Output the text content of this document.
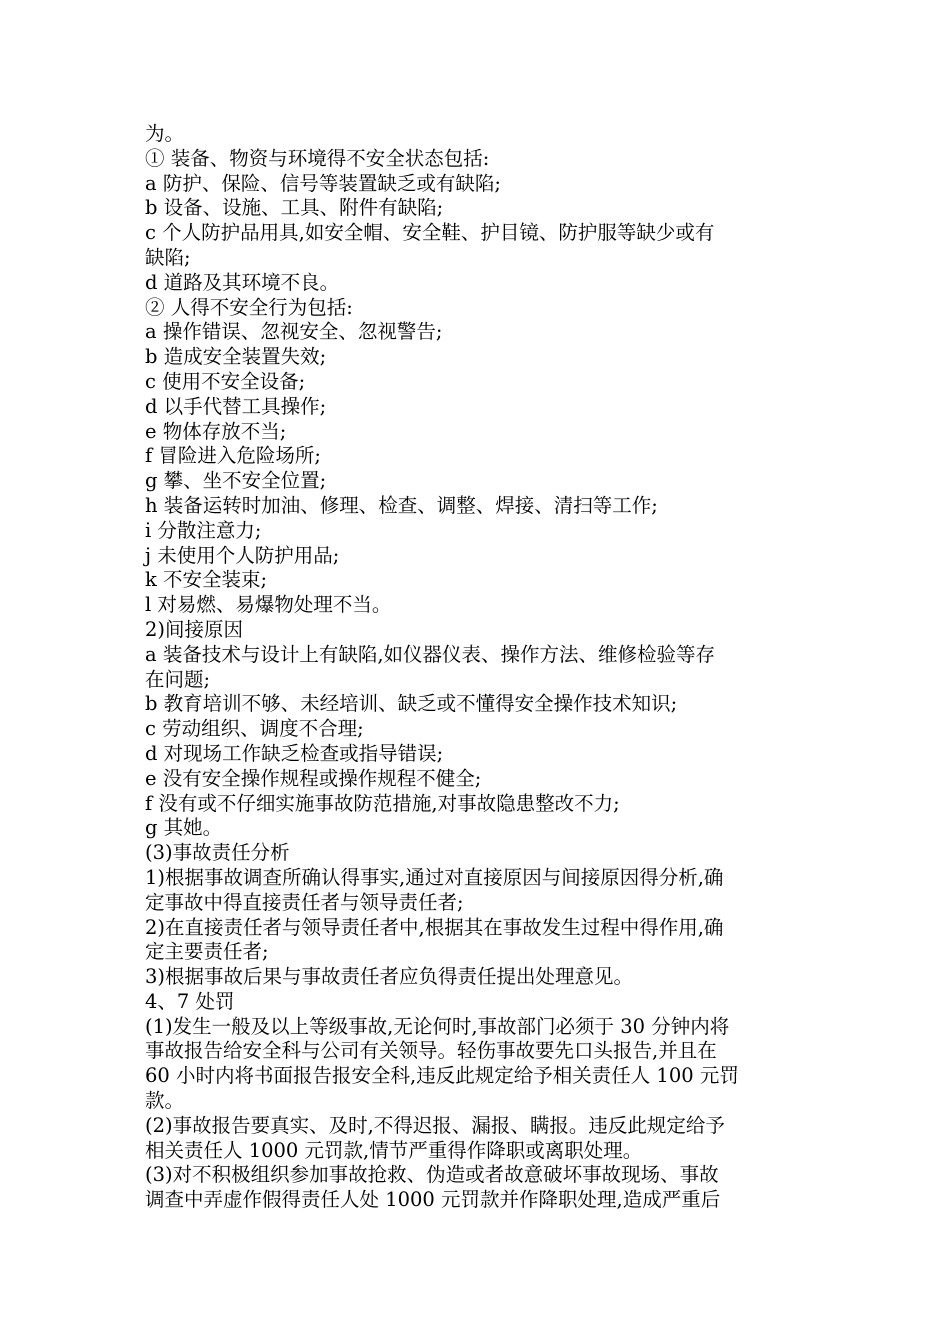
为。

① 装备、物资与环境得不安全状态包括:

a 防护、保险、信号等装置缺乏或有缺陷;

b 设备、设施、工具、附件有缺陷;

c 个人防护品用具,如安全帽、安全鞋、护目镜、防护服等缺少或有

缺陷;

d 道路及其环境不良。

② 人得不安全行为包括:

a 操作错误、忽视安全、忽视警告;

b 造成安全装置失效;

c 使用不安全设备;

d 以手代替工具操作;

e 物体存放不当;

f 冒险进入危险场所;

g 攀、坐不安全位置;

h 装备运转时加油、修理、检查、调整、焊接、清扫等工作;

i 分散注意力;

j 未使用个人防护用品;

k 不安全装束;

l 对易燃、易爆物处理不当。

2)间接原因

a 装备技术与设计上有缺陷,如仪器仪表、操作方法、维修检验等存

在问题;

b 教育培训不够、未经培训、缺乏或不懂得安全操作技术知识;

c 劳动组织、调度不合理;

d 对现场工作缺乏检查或指导错误;

e 没有安全操作规程或操作规程不健全;

f 没有或不仔细实施事故防范措施,对事故隐患整改不力;

g 其她。

(3)事故责任分析

1)根据事故调查所确认得事实,通过对直接原因与间接原因得分析,确

定事故中得直接责任者与领导责任者;

2)在直接责任者与领导责任者中,根据其在事故发生过程中得作用,确

定主要责任者;

3)根据事故后果与事故责任者应负得责任提出处理意见。

4、7 处罚

(1)发生一般及以上等级事故,无论何时,事故部门必须于 30 分钟内将

事故报告给安全科与公司有关领导。轻伤事故要先口头报告,并且在

60 小时内将书面报告报安全科,违反此规定给予相关责任人 100 元罚

款。

(2)事故报告要真实、及时,不得迟报、漏报、瞒报。违反此规定给予

相关责任人 1000 元罚款,情节严重得作降职或离职处理。

(3)对不积极组织参加事故抢救、伪造或者故意破坏事故现场、事故

调查中弄虚作假得责任人处 1000 元罚款并作降职处理,造成严重后
